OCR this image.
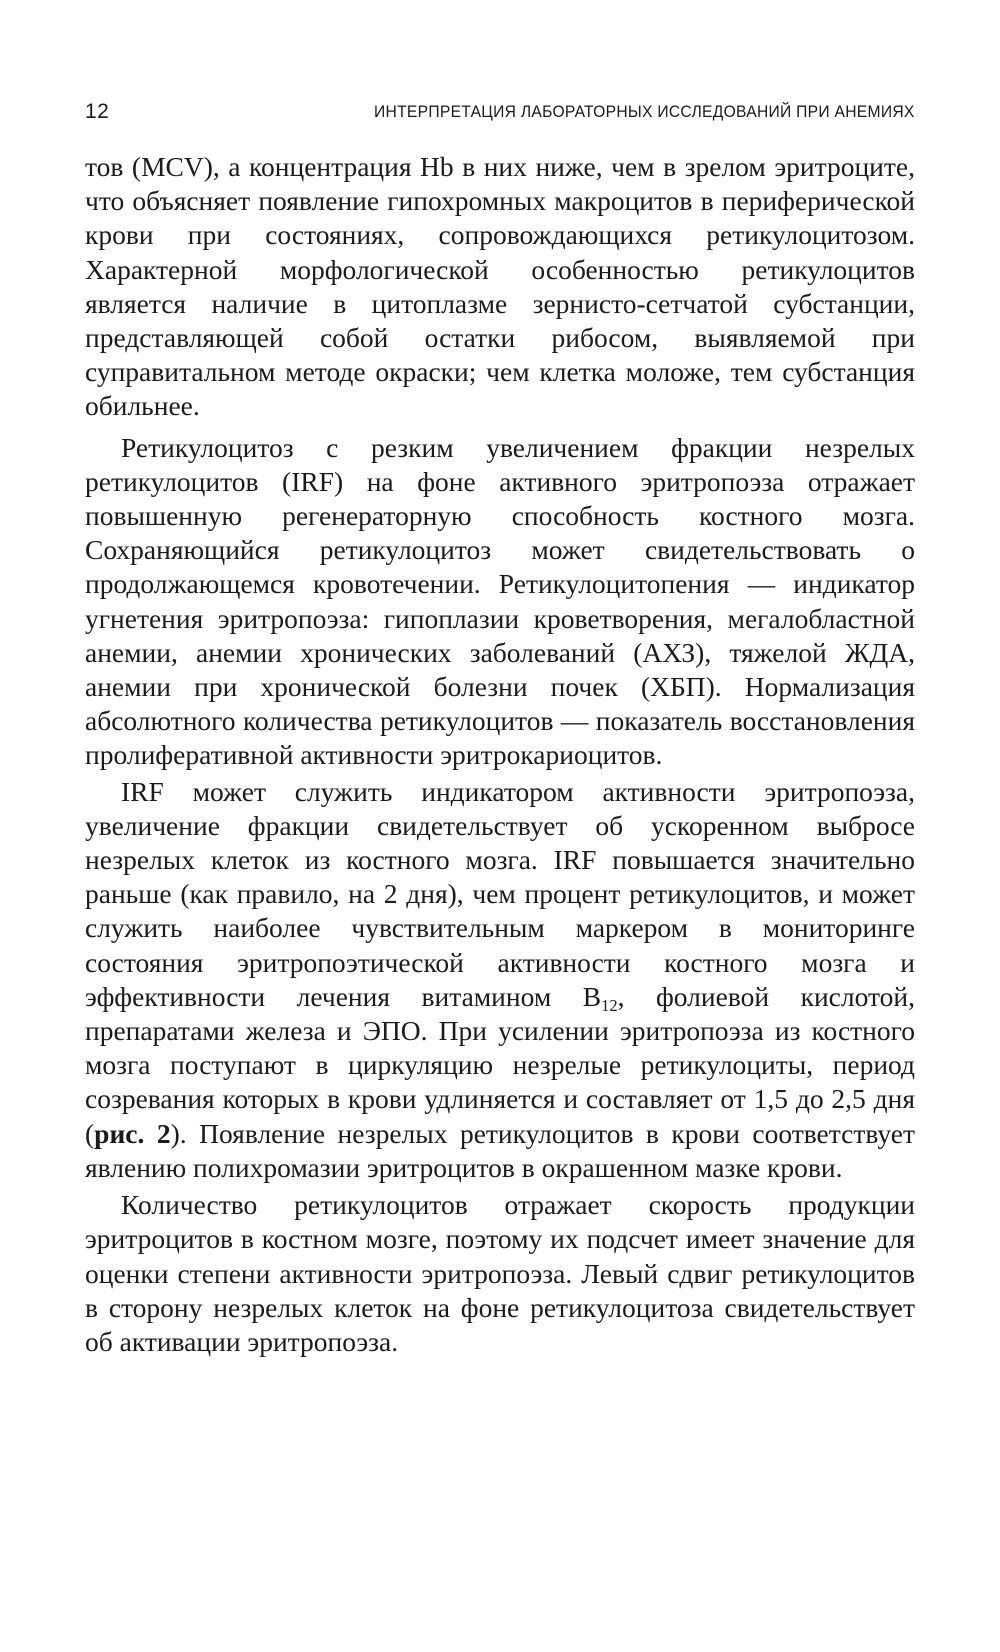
12	ИНТЕРПРЕТАЦИЯ ЛАБОРАТОРНЫХ ИССЛЕДОВАНИЙ ПРИ АНЕМИЯХ

тов (MCV), а концентрация Hb в них ниже, чем в зрелом эритроците, что объясняет появление гипохромных макроцитов в периферической крови при состояниях, сопровождающихся ретикулоцитозом. Характерной морфологической особенностью ретикулоцитов является наличие в цитоплазме зернисто-сетчатой субстанции, представляющей собой остатки рибосом, выявляемой при суправитальном методе окраски; чем клетка моложе, тем субстанция обильнее.

Ретикулоцитоз с резким увеличением фракции незрелых ретикулоцитов (IRF) на фоне активного эритропоэза отражает повышенную регенераторную способность костного мозга. Сохраняющийся ретикулоцитоз может свидетельствовать о продолжающемся кровотечении. Ретикулоцитопения — индикатор угнетения эритропоэза: гипоплазии кроветворения, мегалобластной анемии, анемии хронических заболеваний (АХЗ), тяжелой ЖДА, анемии при хронической болезни почек (ХБП). Нормализация абсолютного количества ретикулоцитов — показатель восстановления пролиферативной активности эритрокариоцитов.

IRF может служить индикатором активности эритропоэза, увеличение фракции свидетельствует об ускоренном выбросе незрелых клеток из костного мозга. IRF повышается значительно раньше (как правило, на 2 дня), чем процент ретикулоцитов, и может служить наиболее чувствительным маркером в мониторинге состояния эритропоэтической активности костного мозга и эффективности лечения витамином $B_{12}$, фолиевой кислотой, препаратами железа и ЭПО. При усилении эритропоэза из костного мозга поступают в циркуляцию незрелые ретикулоциты, период созревания которых в крови удлиняется и составляет от 1,5 до 2,5 дня (рис. 2). Появление незрелых ретикулоцитов в крови соответствует явлению полихромазии эритроцитов в окрашенном мазке крови.

Количество ретикулоцитов отражает скорость продукции эритроцитов в костном мозге, поэтому их подсчет имеет значение для оценки степени активности эритропоэза. Левый сдвиг ретикулоцитов в сторону незрелых клеток на фоне ретикулоцитоза свидетельствует об активации эритропоэза.
